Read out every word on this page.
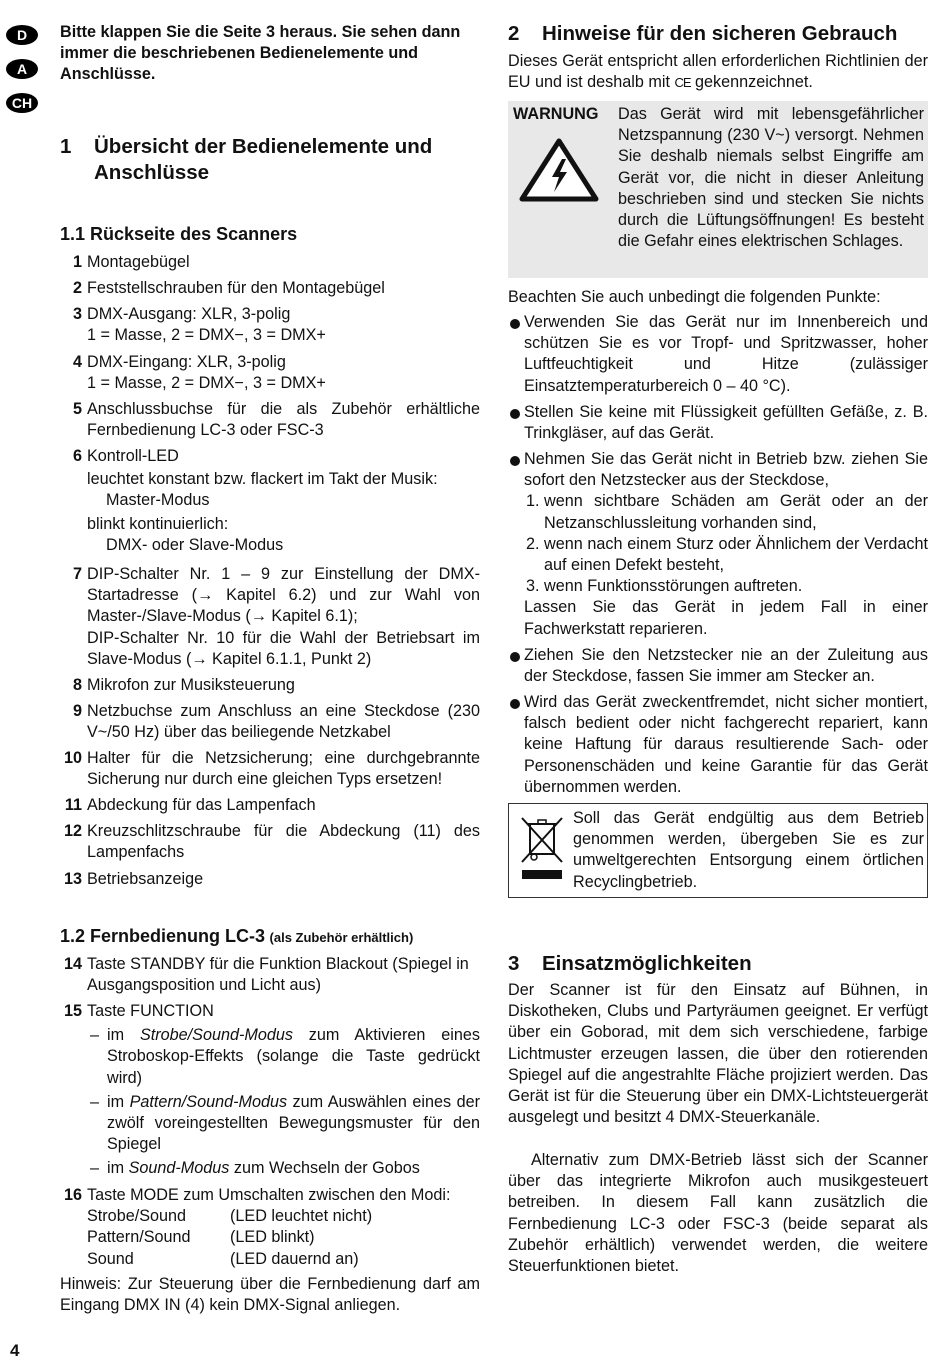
D
A
CH
Bitte klappen Sie die Seite 3 heraus. Sie sehen dann immer die beschriebenen Bedienelemente und Anschlüsse.
1 Übersicht der Bedienelemente und Anschlüsse
1.1 Rückseite des Scanners
1 Montagebügel
2 Feststellschrauben für den Montagebügel
3 DMX-Ausgang: XLR, 3-polig
1 = Masse, 2 = DMX−, 3 = DMX+
4 DMX-Eingang: XLR, 3-polig
1 = Masse, 2 = DMX−, 3 = DMX+
5 Anschlussbuchse für die als Zubehör erhältliche Fernbedienung LC-3 oder FSC-3
6 Kontroll-LED
leuchtet konstant bzw. flackert im Takt der Musik:
Master-Modus
blinkt kontinuierlich:
DMX- oder Slave-Modus
7 DIP-Schalter Nr. 1 – 9 zur Einstellung der DMX-Startadresse (→ Kapitel 6.2) und zur Wahl von Master-/Slave-Modus (→ Kapitel 6.1);
DIP-Schalter Nr. 10 für die Wahl der Betriebsart im Slave-Modus (→ Kapitel 6.1.1, Punkt 2)
8 Mikrofon zur Musiksteuerung
9 Netzbuchse zum Anschluss an eine Steckdose (230 V~/50 Hz) über das beiliegende Netzkabel
10 Halter für die Netzsicherung; eine durchgebrannte Sicherung nur durch eine gleichen Typs ersetzen!
11 Abdeckung für das Lampenfach
12 Kreuzschlitzschraube für die Abdeckung (11) des Lampenfachs
13 Betriebsanzeige
1.2 Fernbedienung LC-3 (als Zubehör erhältlich)
14 Taste STANDBY für die Funktion Blackout (Spiegel in Ausgangsposition und Licht aus)
15 Taste FUNCTION
– im Strobe/Sound-Modus zum Aktivieren eines Stroboskop-Effekts (solange die Taste gedrückt wird)
– im Pattern/Sound-Modus zum Auswählen eines der zwölf voreingestellten Bewegungsmuster für den Spiegel
– im Sound-Modus zum Wechseln der Gobos
16 Taste MODE zum Umschalten zwischen den Modi:
Strobe/Sound	(LED leuchtet nicht)
Pattern/Sound (LED blinkt)
Sound	(LED dauernd an)
Hinweis: Zur Steuerung über die Fernbedienung darf am Eingang DMX IN (4) kein DMX-Signal anliegen.
2 Hinweise für den sicheren Gebrauch
Dieses Gerät entspricht allen erforderlichen Richtlinien der EU und ist deshalb mit CE gekennzeichnet.
WARNUNG Das Gerät wird mit lebensgefährlicher Netzspannung (230 V~) versorgt. Nehmen Sie deshalb niemals selbst Eingriffe am Gerät vor, die nicht in dieser Anleitung beschrieben sind und stecken Sie nichts durch die Lüftungsöffnungen! Es besteht die Gefahr eines elektrischen Schlages.
Beachten Sie auch unbedingt die folgenden Punkte:
Verwenden Sie das Gerät nur im Innenbereich und schützen Sie es vor Tropf- und Spritzwasser, hoher Luftfeuchtigkeit und Hitze (zulässiger Einsatztemperaturbereich 0 – 40 °C).
Stellen Sie keine mit Flüssigkeit gefüllten Gefäße, z. B. Trinkgläser, auf das Gerät.
Nehmen Sie das Gerät nicht in Betrieb bzw. ziehen Sie sofort den Netzstecker aus der Steckdose,
1. wenn sichtbare Schäden am Gerät oder an der Netzanschlussleitung vorhanden sind,
2. wenn nach einem Sturz oder Ähnlichem der Verdacht auf einen Defekt besteht,
3. wenn Funktionsstörungen auftreten.
Lassen Sie das Gerät in jedem Fall in einer Fachwerkstatt reparieren.
Ziehen Sie den Netzstecker nie an der Zuleitung aus der Steckdose, fassen Sie immer am Stecker an.
Wird das Gerät zweckentfremdet, nicht sicher montiert, falsch bedient oder nicht fachgerecht repariert, kann keine Haftung für daraus resultierende Sach- oder Personenschäden und keine Garantie für das Gerät übernommen werden.
Soll das Gerät endgültig aus dem Betrieb genommen werden, übergeben Sie es zur umweltgerechten Entsorgung einem örtlichen Recyclingbetrieb.
3 Einsatzmöglichkeiten
Der Scanner ist für den Einsatz auf Bühnen, in Diskotheken, Clubs und Partyräumen geeignet. Er verfügt über ein Goborad, mit dem sich verschiedene, farbige Lichtmuster erzeugen lassen, die über den rotierenden Spiegel auf die angestrahlte Fläche projiziert werden. Das Gerät ist für die Steuerung über ein DMX-Lichtsteuergerät ausgelegt und besitzt 4 DMX-Steuerkanäle.
Alternativ zum DMX-Betrieb lässt sich der Scanner über das integrierte Mikrofon auch musikgesteuert betreiben. In diesem Fall kann zusätzlich die Fernbedienung LC-3 oder FSC-3 (beide separat als Zubehör erhältlich) verwendet werden, die weitere Steuerfunktionen bietet.
4
